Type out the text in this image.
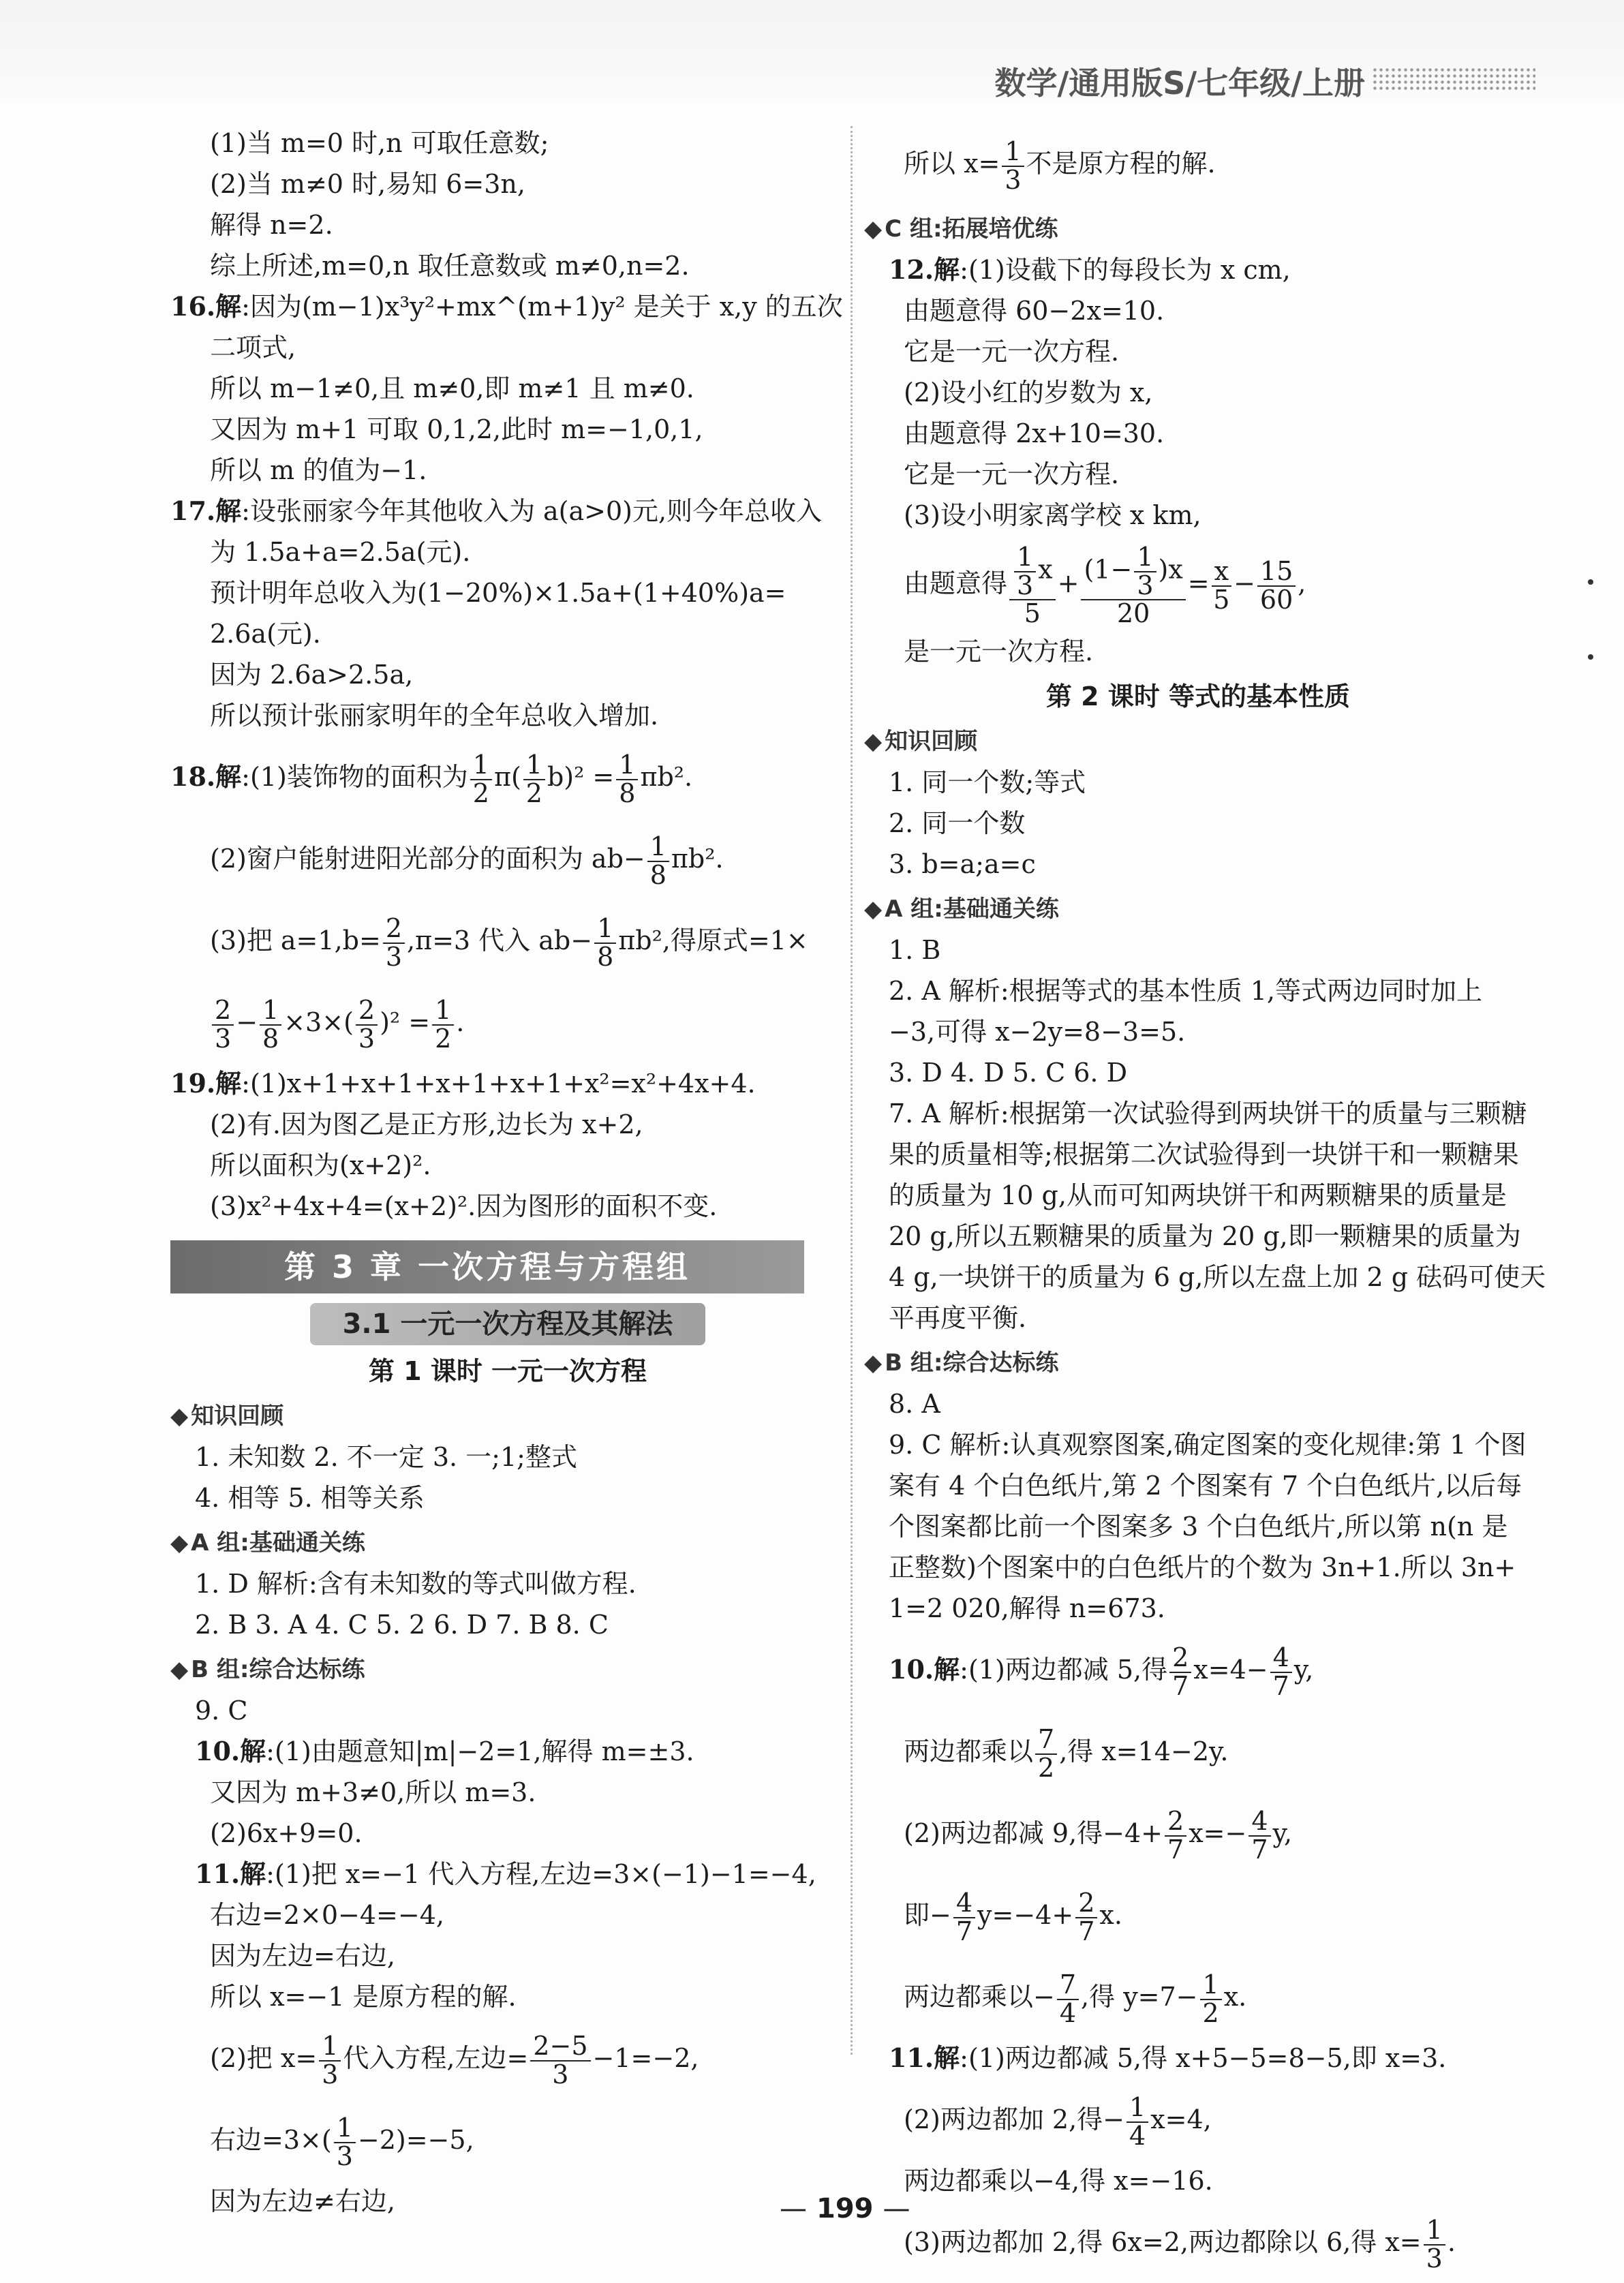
数学/通用版S/七年级/上册
(1)当 m=0 时,n 可取任意数;
(2)当 m≠0 时,易知 6=3n,
解得 n=2.
综上所述,m=0,n 取任意数或 m≠0,n=2.
16.解:因为(m−1)x³y²+mx^(m+1)y² 是关于 x,y 的五次
二项式,
所以 m−1≠0,且 m≠0,即 m≠1 且 m≠0.
又因为 m+1 可取 0,1,2,此时 m=−1,0,1,
所以 m 的值为−1.
17.解:设张丽家今年其他收入为 a(a>0)元,则今年总收入
为 1.5a+a=2.5a(元).
预计明年总收入为(1−20%)×1.5a+(1+40%)a=
2.6a(元).
因为 2.6a>2.5a,
所以预计张丽家明年的全年总收入增加.
18.解:(1)装饰物的面积为 $\frac{1}{2} \pi( \frac{1}{2} b)^2 = \frac{1}{8} \pi b^2$.
(2)窗户能射进阳光部分的面积为 $ab- \frac{1}{8} \pi b^2$.
(3)把 $a=1,b= \frac{2}{3} ,\pi=3$ 代入 $ab- \frac{1}{8} \pi b^2$,得原式=1×
$\frac{2}{3} - \frac{1}{8} \times 3\times( \frac{2}{3} )^2 = \frac{1}{2}$ .
19.解:(1)x+1+x+1+x+1+x+1+x²=x²+4x+4.
(2)有.因为图乙是正方形,边长为 x+2,
所以面积为(x+2)².
(3)x²+4x+4=(x+2)².因为图形的面积不变.
第 3 章 一次方程与方程组
3.1 一元一次方程及其解法
第 1 课时 一元一次方程
◆ 知识回顾
1. 未知数 2. 不一定 3. 一;1;整式
4. 相等 5. 相等关系
◆ A 组:基础通关练
1. D 解析:含有未知数的等式叫做方程.
2. B 3. A 4. C 5. 2 6. D 7. B 8. C
◆ B 组:综合达标练
9. C
10.解:(1)由题意知|m|−2=1,解得 m=±3.
又因为 m+3≠0,所以 m=3.
(2)6x+9=0.
11.解:(1)把 x=−1 代入方程,左边=3×(−1)−1=−4,
右边=2×0−4=−4,
因为左边=右边,
所以 x=−1 是原方程的解.
(2)把 $x= \frac{1}{3}$ 代入方程,左边= $\frac{2-5}{3} -1=-2$,
右边$=3\times( \frac{1}{3} -2)=-5$,
因为左边≠右边,
所以 $x= \frac{1}{3}$ 不是原方程的解.
◆ C 组:拓展培优练
12.解:(1)设截下的每段长为 x cm,
由题意得 60−2x=10.
它是一元一次方程.
(2)设小红的岁数为 x,
由题意得 2x+10=30.
它是一元一次方程.
(3)设小明家离学校 x km,
由题意得 $\frac{\frac{1}{3} x}{5} + \frac{(1- \frac{1}{3} )x}{20} = \frac{x}{5} - \frac{15}{60}$ ,
是一元一次方程.
第 2 课时 等式的基本性质
◆ 知识回顾
1. 同一个数;等式
2. 同一个数
3. b=a;a=c
◆ A 组:基础通关练
1. B
2. A 解析:根据等式的基本性质 1,等式两边同时加上
−3,可得 x−2y=8−3=5.
3. D 4. D 5. C 6. D
7. A 解析:根据第一次试验得到两块饼干的质量与三颗糖
果的质量相等;根据第二次试验得到一块饼干和一颗糖果
的质量为 10 g,从而可知两块饼干和两颗糖果的质量是
20 g,所以五颗糖果的质量为 20 g,即一颗糖果的质量为
4 g,一块饼干的质量为 6 g,所以左盘上加 2 g 砝码可使天
平再度平衡.
◆ B 组:综合达标练
8. A
9. C 解析:认真观察图案,确定图案的变化规律:第 1 个图
案有 4 个白色纸片,第 2 个图案有 7 个白色纸片,以后每
个图案都比前一个图案多 3 个白色纸片,所以第 n(n 是
正整数)个图案中的白色纸片的个数为 3n+1.所以 3n+
1=2 020,解得 n=673.
10.解:(1)两边都减 5,得 $\frac{2}{7} x=4- \frac{4}{7} y$,
两边都乘以 $\frac{7}{2}$ ,得 x=14−2y.
(2)两边都减 9,得$-4+ \frac{2}{7} x=- \frac{4}{7} y$,
即− $\frac{4}{7} y=-4+ \frac{2}{7} x$.
两边都乘以− $\frac{7}{4}$ ,得 $y=7- \frac{1}{2} x$.
11.解:(1)两边都减 5,得 x+5−5=8−5,即 x=3.
(2)两边都加 2,得− $\frac{1}{4} x=4$,
两边都乘以−4,得 x=−16.
(3)两边都加 2,得 6x=2,两边都除以 6,得 $x= \frac{1}{3}$ .
— 199 —
